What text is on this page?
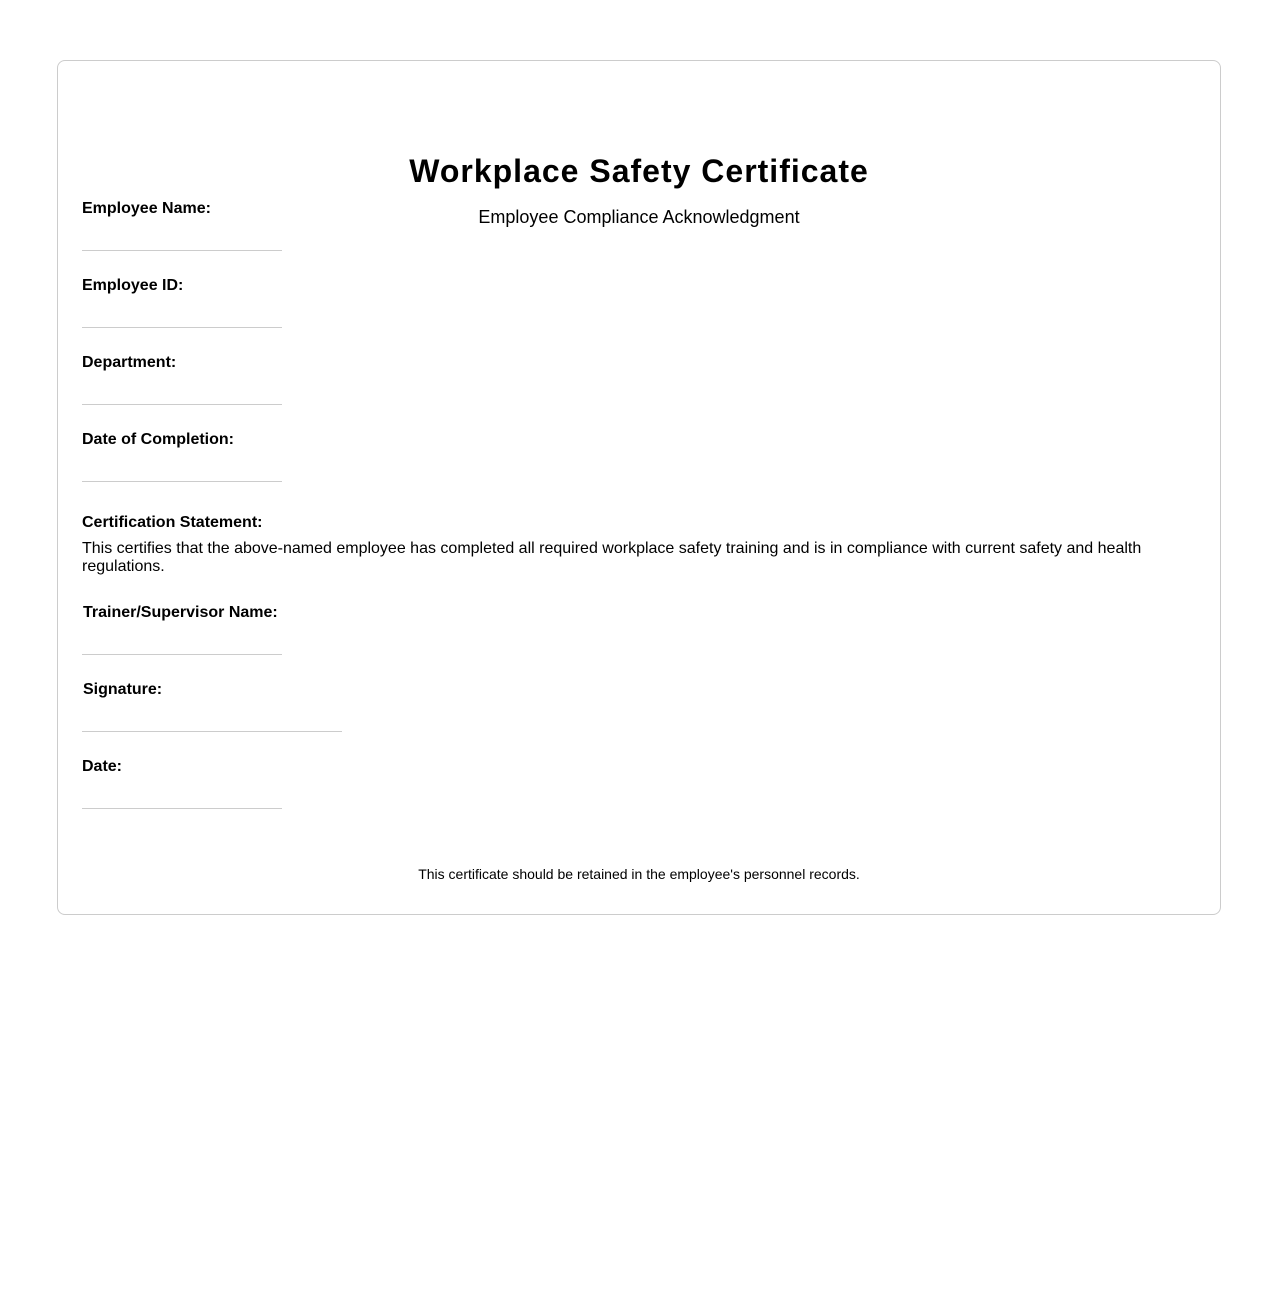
Workplace Safety Certificate
Employee Compliance Acknowledgment
Employee Name:
Employee ID:
Department:
Date of Completion:
Certification Statement:
This certifies that the above-named employee has completed all required workplace safety training and is in compliance with current safety and health regulations.
Trainer/Supervisor Name:
Signature:
Date:
This certificate should be retained in the employee's personnel records.
